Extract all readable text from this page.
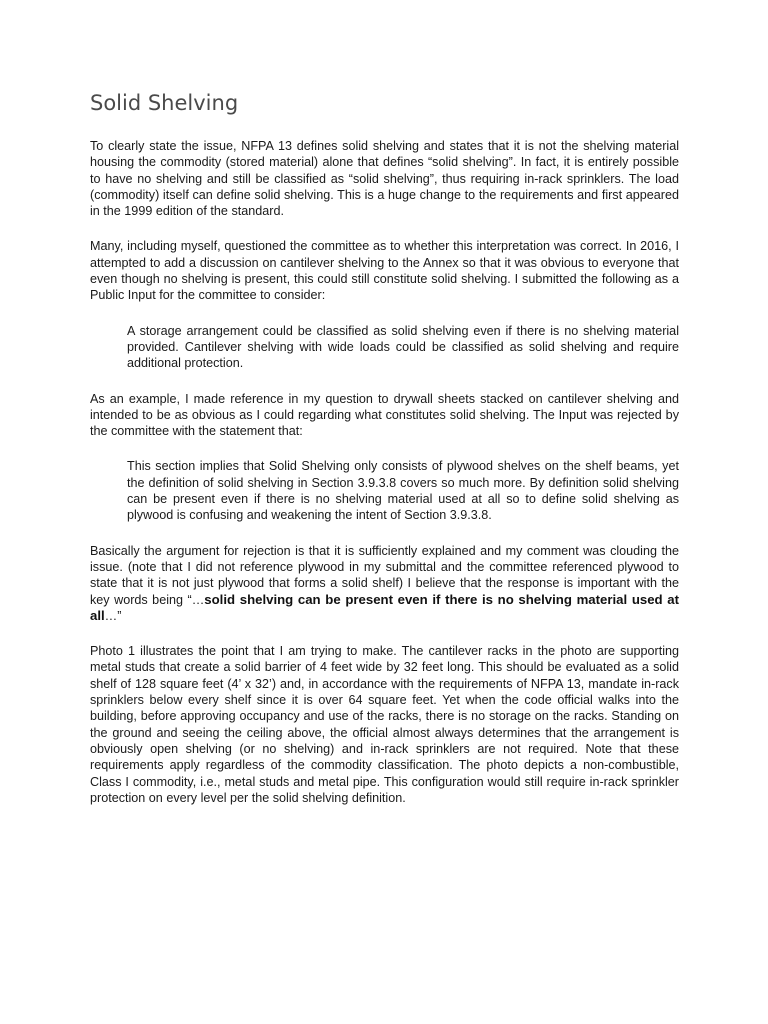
Solid Shelving

To clearly state the issue, NFPA 13 defines solid shelving and states that it is not the shelving material housing the commodity (stored material) alone that defines “solid shelving”. In fact, it is entirely possible to have no shelving and still be classified as “solid shelving”, thus requiring in-rack sprinklers. The load (commodity) itself can define solid shelving. This is a huge change to the requirements and first appeared in the 1999 edition of the standard.

Many, including myself, questioned the committee as to whether this interpretation was correct. In 2016, I attempted to add a discussion on cantilever shelving to the Annex so that it was obvious to everyone that even though no shelving is present, this could still constitute solid shelving. I submitted the following as a Public Input for the committee to consider:

A storage arrangement could be classified as solid shelving even if there is no shelving material provided. Cantilever shelving with wide loads could be classified as solid shelving and require additional protection.

As an example, I made reference in my question to drywall sheets stacked on cantilever shelving and intended to be as obvious as I could regarding what constitutes solid shelving. The Input was rejected by the committee with the statement that:

This section implies that Solid Shelving only consists of plywood shelves on the shelf beams, yet the definition of solid shelving in Section 3.9.3.8 covers so much more. By definition solid shelving can be present even if there is no shelving material used at all so to define solid shelving as plywood is confusing and weakening the intent of Section 3.9.3.8.

Basically the argument for rejection is that it is sufficiently explained and my comment was clouding the issue. (note that I did not reference plywood in my submittal and the committee referenced plywood to state that it is not just plywood that forms a solid shelf) I believe that the response is important with the key words being “…solid shelving can be present even if there is no shelving material used at all…”

Photo 1 illustrates the point that I am trying to make. The cantilever racks in the photo are supporting metal studs that create a solid barrier of 4 feet wide by 32 feet long. This should be evaluated as a solid shelf of 128 square feet (4’ x 32’) and, in accordance with the requirements of NFPA 13, mandate in-rack sprinklers below every shelf since it is over 64 square feet. Yet when the code official walks into the building, before approving occupancy and use of the racks, there is no storage on the racks. Standing on the ground and seeing the ceiling above, the official almost always determines that the arrangement is obviously open shelving (or no shelving) and in-rack sprinklers are not required. Note that these requirements apply regardless of the commodity classification. The photo depicts a non-combustible, Class I commodity, i.e., metal studs and metal pipe. This configuration would still require in-rack sprinkler protection on every level per the solid shelving definition.
